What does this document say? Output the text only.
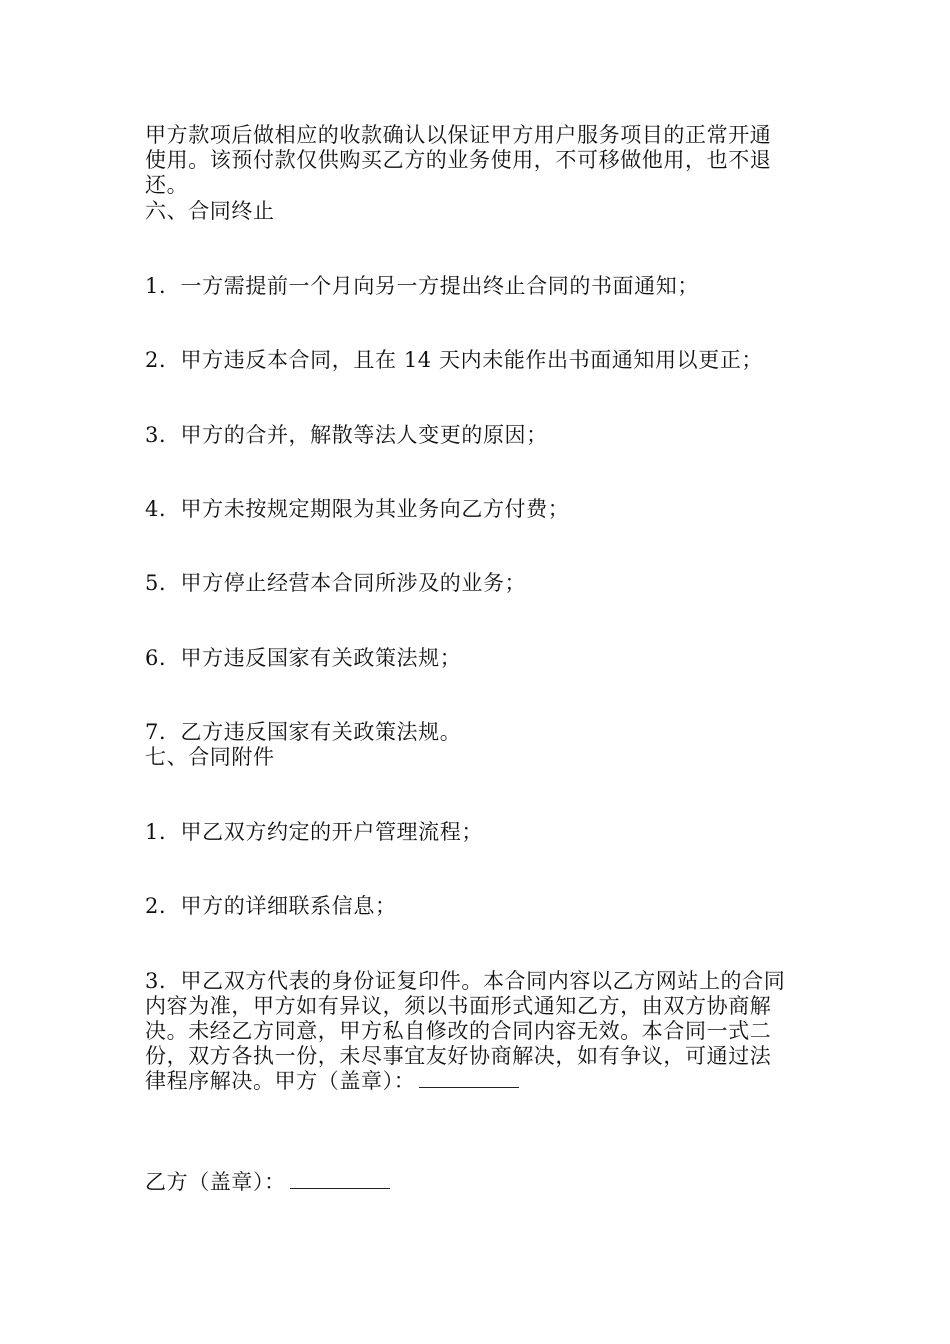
甲方款项后做相应的收款确认以保证甲方用户服务项目的正常开通
使用。该预付款仅供购买乙方的业务使用，不可移做他用，也不退
还。
六、合同终止
1．一方需提前一个月向另一方提出终止合同的书面通知；
2．甲方违反本合同，且在 14 天内未能作出书面通知用以更正；
3．甲方的合并，解散等法人变更的原因；
4．甲方未按规定期限为其业务向乙方付费；
5．甲方停止经营本合同所涉及的业务；
6．甲方违反国家有关政策法规；
7．乙方违反国家有关政策法规。
七、合同附件
1．甲乙双方约定的开户管理流程；
2．甲方的详细联系信息；
3．甲乙双方代表的身份证复印件。本合同内容以乙方网站上的合同
内容为准，甲方如有异议，须以书面形式通知乙方，由双方协商解
决。未经乙方同意，甲方私自修改的合同内容无效。本合同一式二
份，双方各执一份，未尽事宜友好协商解决，如有争议，可通过法
律程序解决。甲方（盖章）：
乙方（盖章）：
